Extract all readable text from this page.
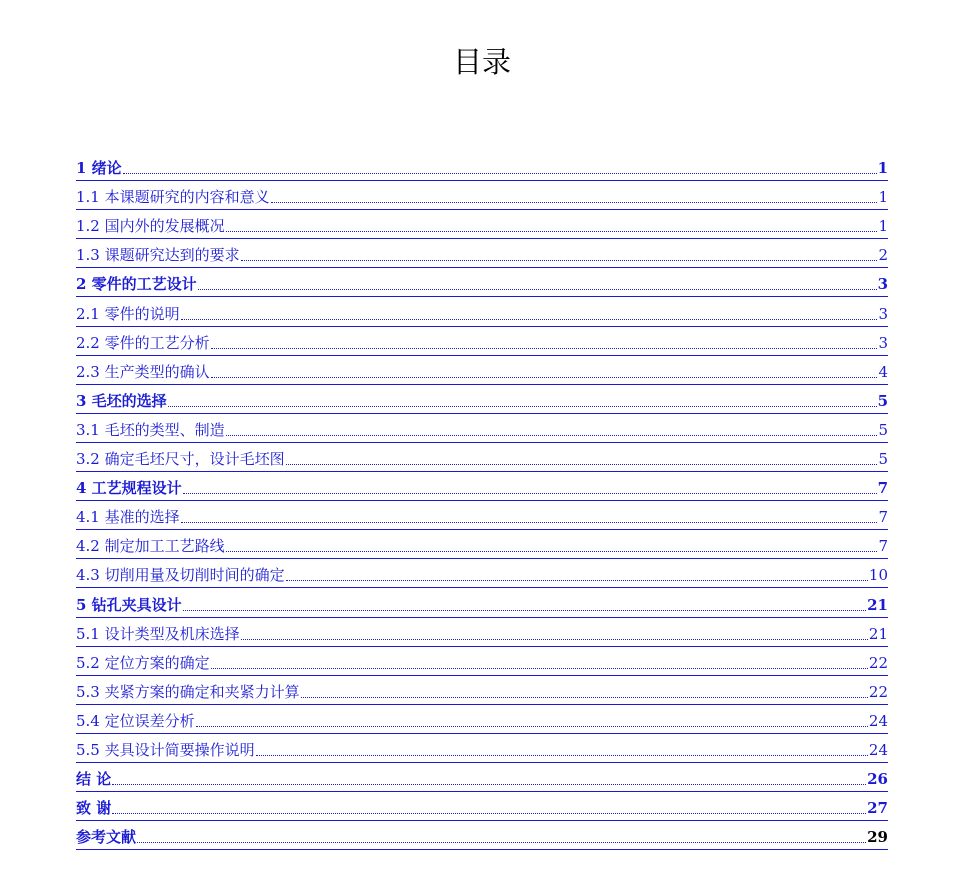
目录
1 绪论	1
1.1 本课题研究的内容和意义	1
1.2 国内外的发展概况	1
1.3 课题研究达到的要求	2
2 零件的工艺设计	3
2.1 零件的说明	3
2.2 零件的工艺分析	3
2.3 生产类型的确认	4
3 毛坯的选择	5
3.1 毛坯的类型、制造	5
3.2 确定毛坯尺寸，设计毛坯图	5
4 工艺规程设计	7
4.1 基准的选择	7
4.2 制定加工工艺路线	7
4.3 切削用量及切削时间的确定	10
5 钻孔夹具设计	21
5.1 设计类型及机床选择	21
5.2 定位方案的确定	22
5.3 夹紧方案的确定和夹紧力计算	22
5.4 定位误差分析	24
5.5 夹具设计简要操作说明	24
结 论	26
致 谢	27
参考文献	29
